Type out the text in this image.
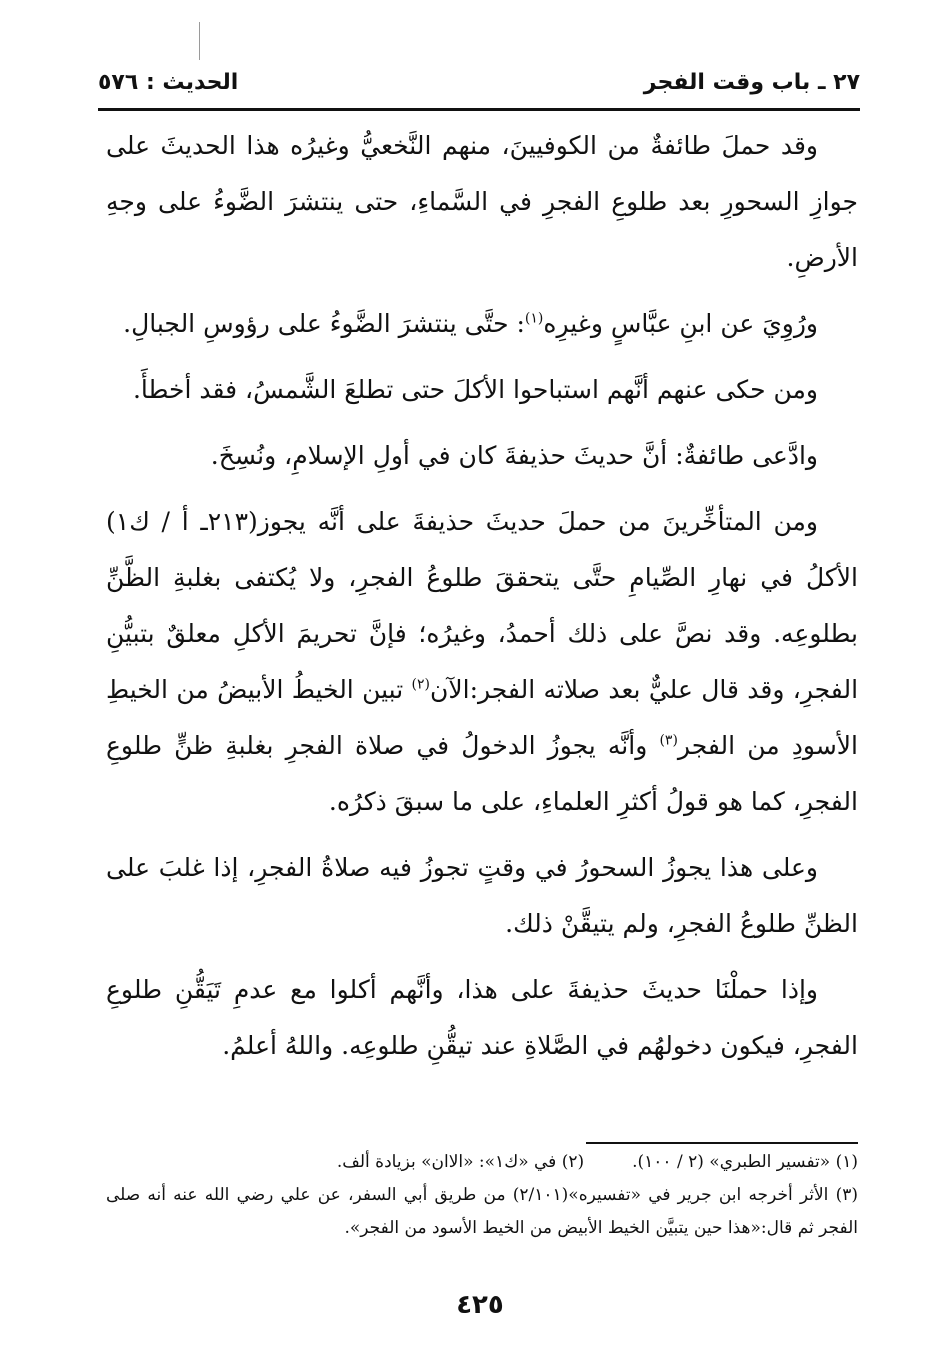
٢٧ ـ باب وقت الفجر
الحديث : ٥٧٦

وقد حملَ طائفةٌ من الكوفيينَ، منهم النَّخعيُّ وغيرُه هذا الحديثَ على جوازِ السحورِ بعد طلوعِ الفجرِ في السَّماءِ، حتى ينتشرَ الضَّوءُ على وجهِ الأرضِ.

ورُوِيَ عن ابنِ عبَّاسٍ وغيرِه$^{(١)}$: حتَّى ينتشرَ الضَّوءُ على رؤوسِ الجبالِ.

ومن حكى عنهم أنَّهم استباحوا الأكلَ حتى تطلعَ الشَّمسُ، فقد أخطأَ.

وادَّعى طائفةٌ: أنَّ حديثَ حذيفةَ كان في أولِ الإسلامِ، ونُسِخَ.

ومن المتأخِّرينَ من حملَ حديثَ حذيفةَ على أنَّه يجوز(٢١٣ـ أ / ك١) الأكلُ في نهارِ الصِّيامِ حتَّى يتحققَ طلوعُ الفجرِ، ولا يُكتفى بغلبةِ الظَّنِّ بطلوعِه. وقد نصَّ على ذلك أحمدُ، وغيرُه؛ فإنَّ تحريمَ الأكلِ معلقٌ بتبيُّنِ الفجرِ، وقد قال عليٌّ بعد صلاته الفجر:الآن$^{(٢)}$ تبين الخيطُ الأبيضُ من الخيطِ الأسودِ من الفجر$^{(٣)}$ وأنَّه يجوزُ الدخولُ في صلاة الفجرِ بغلبةِ ظنٍّ طلوعِ الفجرِ، كما هو قولُ أكثرِ العلماءِ، على ما سبقَ ذكرُه.

وعلى هذا يجوزُ السحورُ في وقتٍ تجوزُ فيه صلاةُ الفجرِ، إذا غلبَ على الظنِّ طلوعُ الفجرِ، ولم يتيقَّنْ ذلك.

وإذا حملْنَا حديثَ حذيفةَ على هذا، وأنَّهم أكلوا مع عدمِ تَيَقُّنِ طلوعِ الفجرِ، فيكون دخولهُم في الصَّلاةِ عند تيقُّنِ طلوعِه. واللهُ أعلمُ.

(١) «تفسير الطبري» (٢ / ١٠٠).
(٢) في «ك١»: «الاان» بزيادة ألف.

(٣) الأثر أخرجه ابن جرير في «تفسيره»(٢/١٠١) من طريق أبي السفر، عن علي رضي الله عنه أنه صلى الفجر ثم قال:«هذا حين يتبيَّن الخيط الأبيض من الخيط الأسود من الفجر».

٤٢٥
